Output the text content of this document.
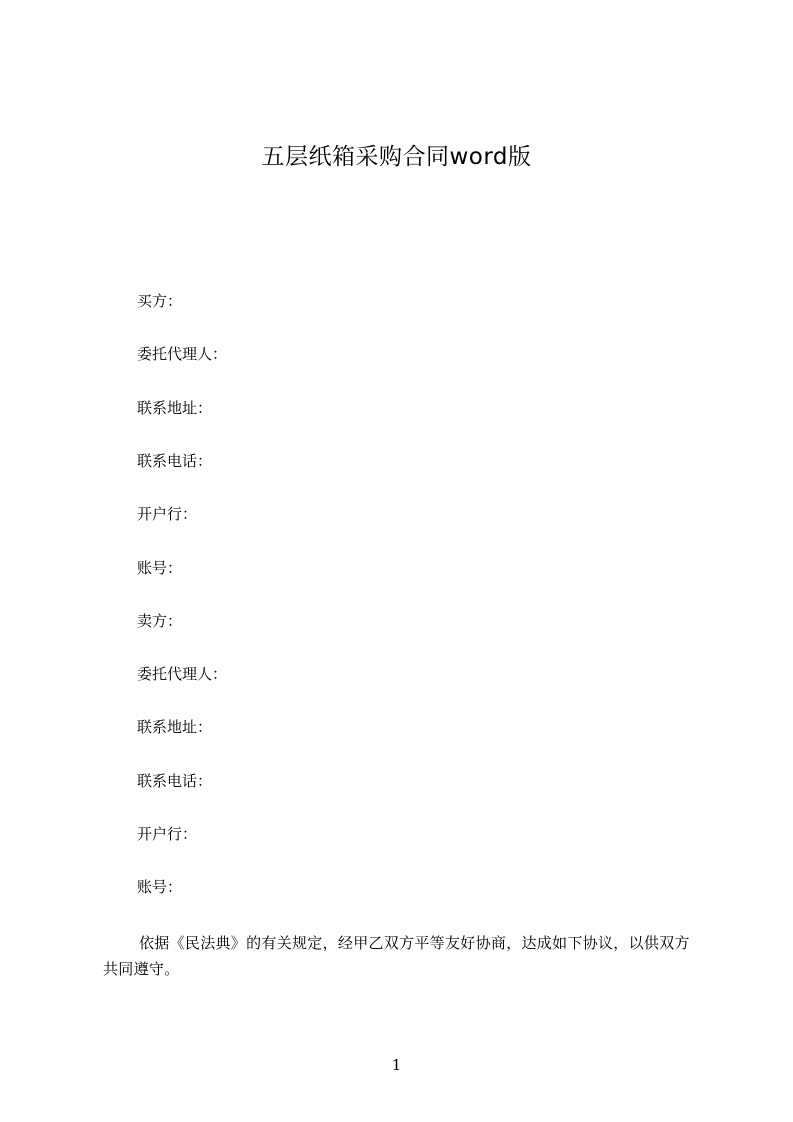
五层纸箱采购合同word版
买方：
委托代理人：
联系地址：
联系电话：
开户行：
账号：
卖方：
委托代理人：
联系地址：
联系电话：
开户行：
账号：
依据《民法典》的有关规定，经甲乙双方平等友好协商，达成如下协议，以供双方共同遵守。
1
